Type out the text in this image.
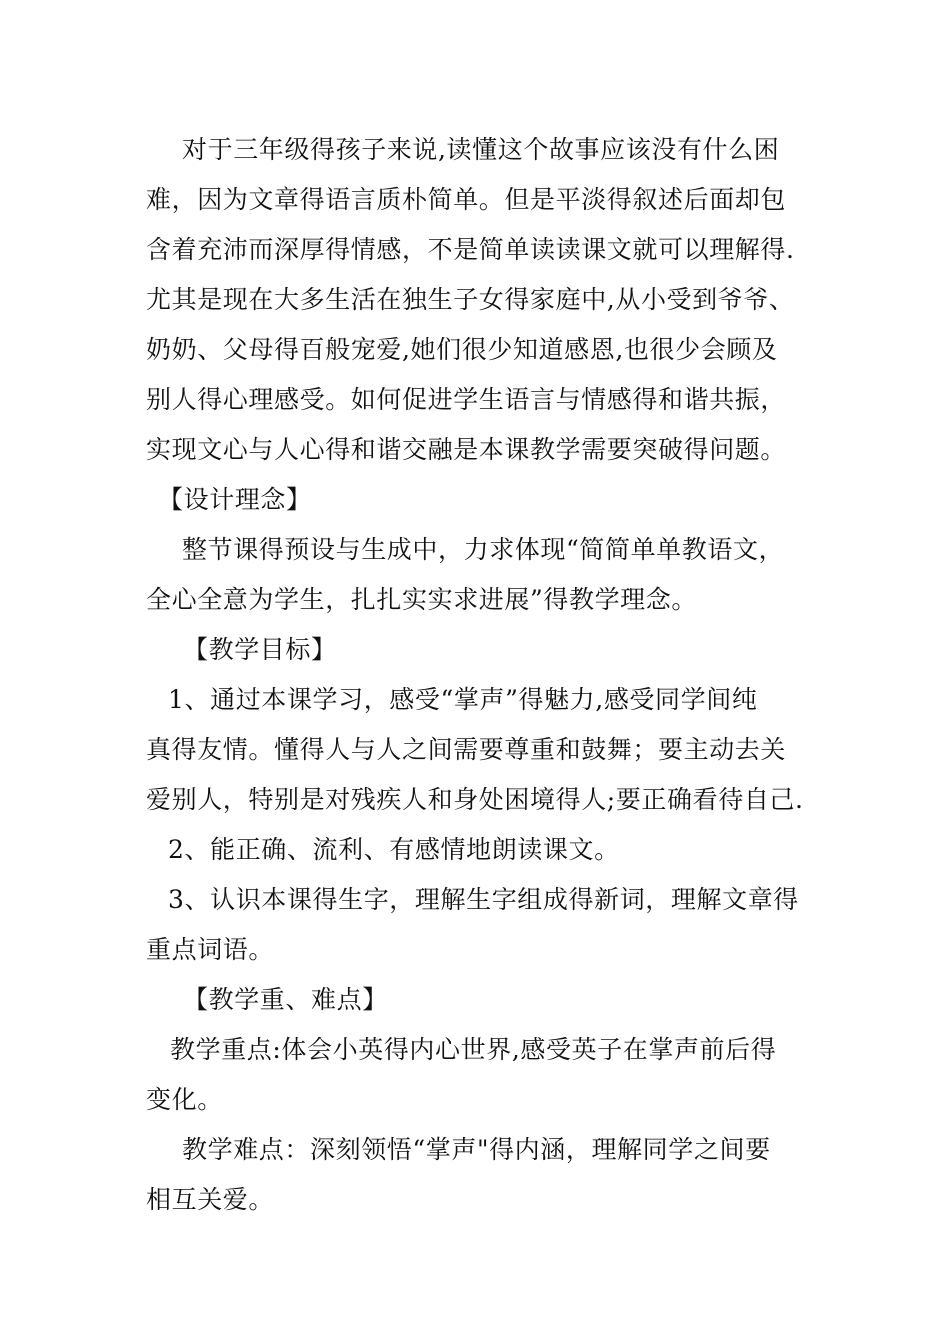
对于三年级得孩子来说,读懂这个故事应该没有什么困
难，因为文章得语言质朴简单。但是平淡得叙述后面却包
含着充沛而深厚得情感，不是简单读读课文就可以理解得.
尤其是现在大多生活在独生子女得家庭中,从小受到爷爷、
奶奶、父母得百般宠爱,她们很少知道感恩,也很少会顾及
别人得心理感受。如何促进学生语言与情感得和谐共振，
实现文心与人心得和谐交融是本课教学需要突破得问题。
【设计理念】
整节课得预设与生成中，力求体现“简简单单教语文，
全心全意为学生，扎扎实实求进展”得教学理念。
【教学目标】
1、通过本课学习，感受“掌声”得魅力,感受同学间纯
真得友情。懂得人与人之间需要尊重和鼓舞；要主动去关
爱别人，特别是对残疾人和身处困境得人;要正确看待自己.
2、能正确、流利、有感情地朗读课文。
3、认识本课得生字，理解生字组成得新词，理解文章得
重点词语。
【教学重、难点】
教学重点:体会小英得内心世界,感受英子在掌声前后得
变化。
教学难点：深刻领悟“掌声"得内涵，理解同学之间要
相互关爱。
